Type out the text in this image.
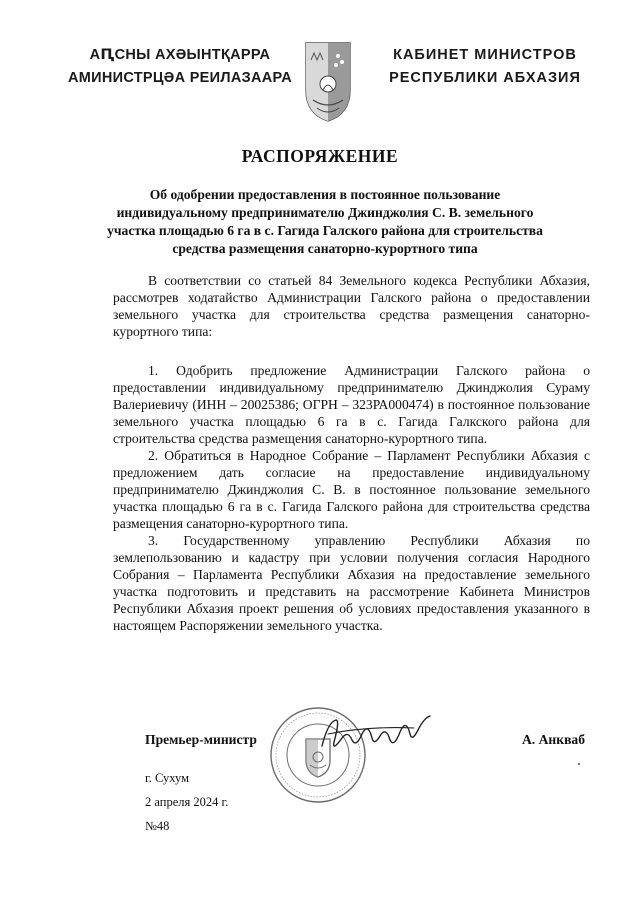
АԤСНЫ АХӘЫНТҚАРРА
АМИНИСТРЦӘА РЕИЛАЗААРА
КАБИНЕТ МИНИСТРОВ
РЕСПУБЛИКИ АБХАЗИЯ
РАСПОРЯЖЕНИЕ
Об одобрении предоставления в постоянное пользование
индивидуальному предпринимателю Джинджолия С. В. земельного
участка площадью 6 га в с. Гагида Галского района для строительства
средства размещения санаторно-курортного типа

В соответствии со статьей 84 Земельного кодекса Республики Абхазия, рассмотрев ходатайство Администрации Галского района о предоставлении земельного участка для строительства средства размещения санаторно-курортного типа:

1. Одобрить предложение Администрации Галского района о предоставлении индивидуальному предпринимателю Джинджолия Сураму Валериевичу (ИНН – 20025386; ОГРН – 323РА000474) в постоянное пользование земельного участка площадью 6 га в с. Гагида Галкского района для строительства средства размещения санаторно-курортного типа.

2. Обратиться в Народное Собрание – Парламент Республики Абхазия с предложением дать согласие на предоставление индивидуальному предпринимателю Джинджолия С. В. в постоянное пользование земельного участка площадью 6 га в с. Гагида Галского района для строительства средства размещения санаторно-курортного типа.

3. Государственному управлению Республики Абхазия по землепользованию и кадастру при условии получения согласия Народного Собрания – Парламента Республики Абхазия на предоставление земельного участка подготовить и представить на рассмотрение Кабинета Министров Республики Абхазия проект решения об условиях предоставления указанного в настоящем Распоряжении земельного участка.

Премьер-министр	А. Анкваб
г. Сухум
2 апреля 2024 г.
№48
